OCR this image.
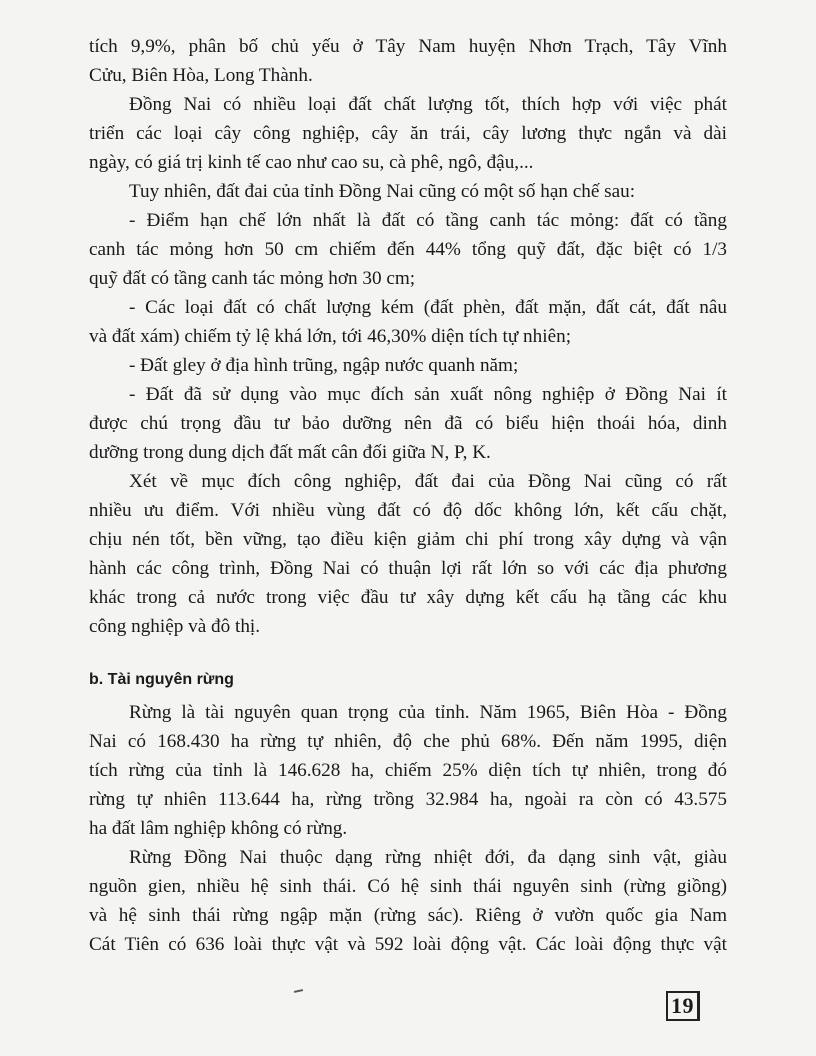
tích 9,9%, phân bố chủ yếu ở Tây Nam huyện Nhơn Trạch, Tây Vĩnh
Cửu, Biên Hòa, Long Thành.
Đồng Nai có nhiều loại đất chất lượng tốt, thích hợp với việc phát
triển các loại cây công nghiệp, cây ăn trái, cây lương thực ngắn và dài
ngày, có giá trị kinh tế cao như cao su, cà phê, ngô, đậu,...
Tuy nhiên, đất đai của tỉnh Đồng Nai cũng có một số hạn chế sau:
- Điểm hạn chế lớn nhất là đất có tầng canh tác mỏng: đất có tầng
canh tác mỏng hơn 50 cm chiếm đến 44% tổng quỹ đất, đặc biệt có 1/3
quỹ đất có tầng canh tác mỏng hơn 30 cm;
- Các loại đất có chất lượng kém (đất phèn, đất mặn, đất cát, đất nâu
và đất xám) chiếm tỷ lệ khá lớn, tới 46,30% diện tích tự nhiên;
- Đất gley ở địa hình trũng, ngập nước quanh năm;
- Đất đã sử dụng vào mục đích sản xuất nông nghiệp ở Đồng Nai ít
được chú trọng đầu tư bảo dưỡng nên đã có biểu hiện thoái hóa, dinh
dưỡng trong dung dịch đất mất cân đối giữa N, P, K.
Xét về mục đích công nghiệp, đất đai của Đồng Nai cũng có rất
nhiều ưu điểm. Với nhiều vùng đất có độ dốc không lớn, kết cấu chặt,
chịu nén tốt, bền vững, tạo điều kiện giảm chi phí trong xây dựng và vận
hành các công trình, Đồng Nai có thuận lợi rất lớn so với các địa phương
khác trong cả nước trong việc đầu tư xây dựng kết cấu hạ tầng các khu
công nghiệp và đô thị.
b. Tài nguyên rừng
Rừng là tài nguyên quan trọng của tỉnh. Năm 1965, Biên Hòa - Đồng
Nai có 168.430 ha rừng tự nhiên, độ che phủ 68%. Đến năm 1995, diện
tích rừng của tỉnh là 146.628 ha, chiếm 25% diện tích tự nhiên, trong đó
rừng tự nhiên 113.644 ha, rừng trồng 32.984 ha, ngoài ra còn có 43.575
ha đất lâm nghiệp không có rừng.
Rừng Đồng Nai thuộc dạng rừng nhiệt đới, đa dạng sinh vật, giàu
nguồn gien, nhiều hệ sinh thái. Có hệ sinh thái nguyên sinh (rừng giồng)
và hệ sinh thái rừng ngập mặn (rừng sác). Riêng ở vườn quốc gia Nam
Cát Tiên có 636 loài thực vật và 592 loài động vật. Các loài động thực vật
19
